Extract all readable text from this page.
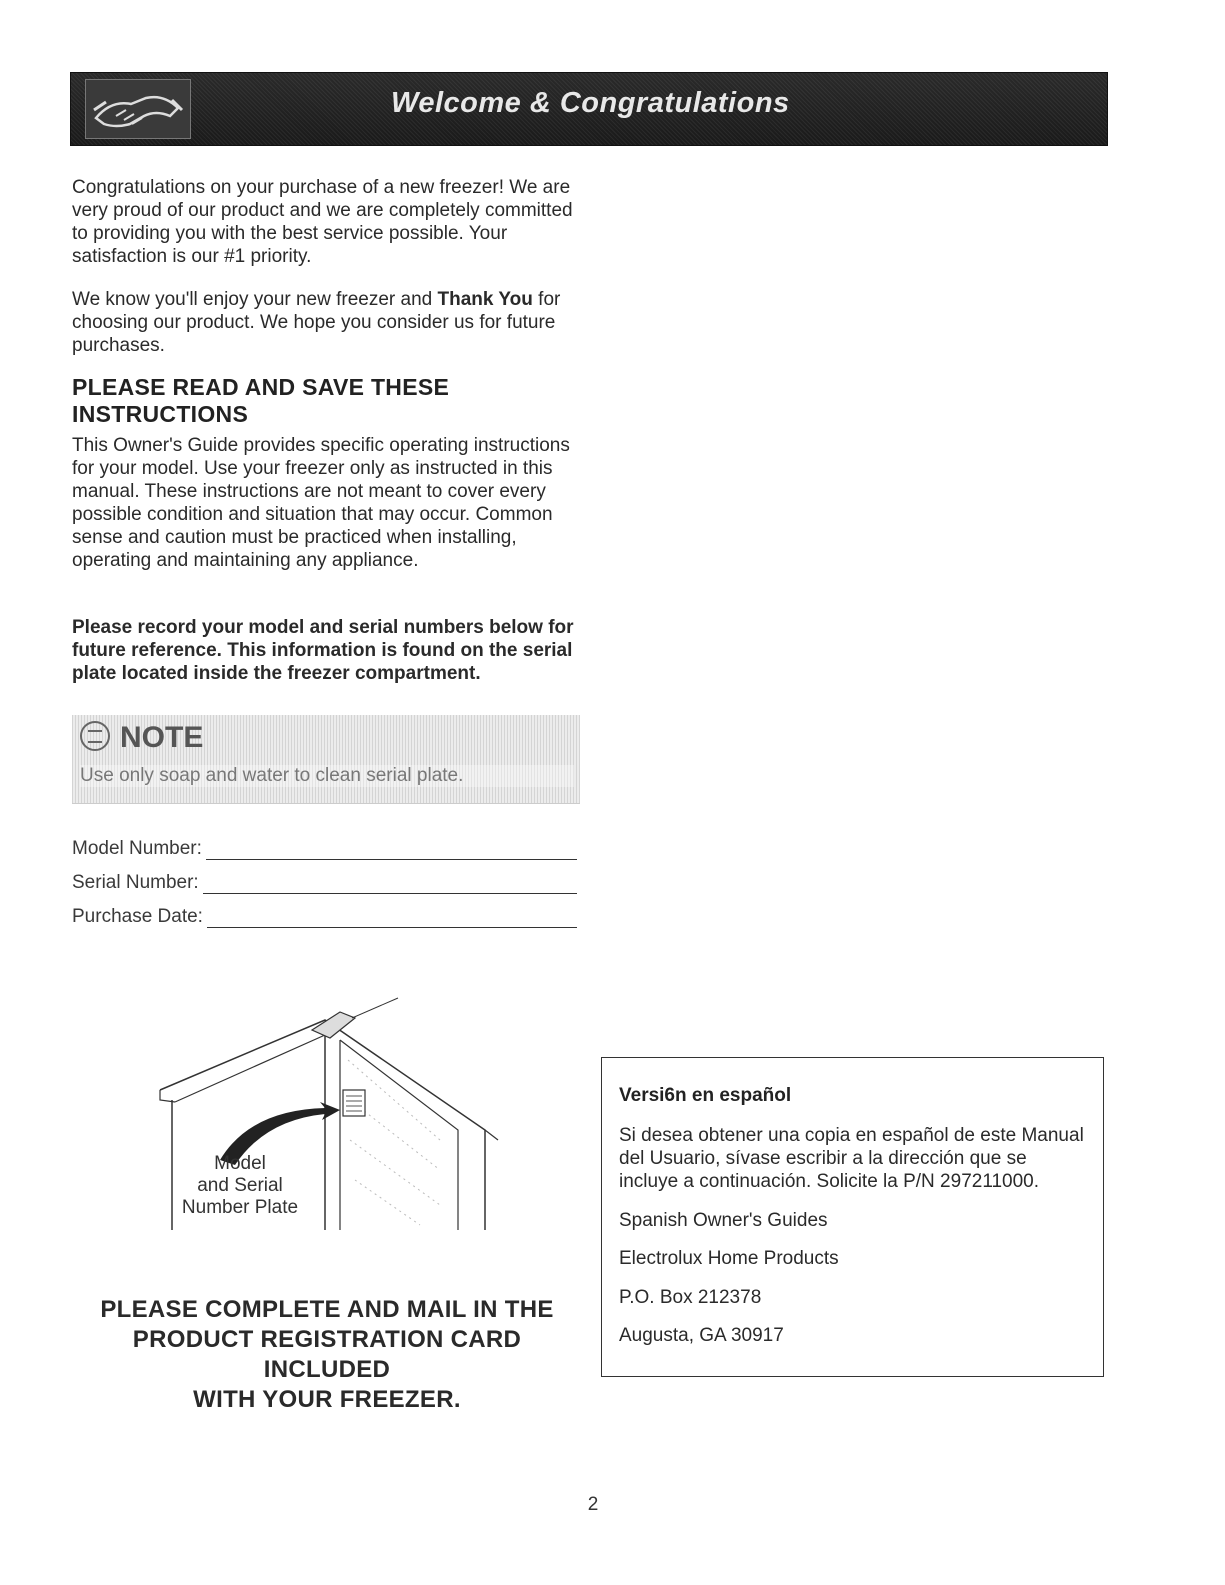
Welcome & Congratulations

Congratulations on your purchase of a new freezer! We are very proud of our product and we are completely committed to providing you with the best service possible. Your satisfaction is our #1 priority.

We know you'll enjoy your new freezer and Thank You for choosing our product. We hope you consider us for future purchases.

PLEASE READ AND SAVE THESE INSTRUCTIONS

This Owner's Guide provides specific operating instructions for your model. Use your freezer only as instructed in this manual. These instructions are not meant to cover every possible condition and situation that may occur. Common sense and caution must be practiced when installing, operating and maintaining any appliance.

Please record your model and serial numbers below for future reference. This information is found on the serial plate located inside the freezer compartment.

NOTE
Use only soap and water to clean serial plate.
Model Number:
Serial Number:
Purchase Date:
Model
and Serial
Number Plate
PLEASE COMPLETE AND MAIL IN THE
PRODUCT REGISTRATION CARD INCLUDED
WITH YOUR FREEZER.
Versi6n en español
Si desea obtener una copia en español de este Manual del Usuario, sívase escribir a la dirección que se incluye a continuación. Solicite la P/N 297211000.
Spanish Owner's Guides
Electrolux Home Products
P.O. Box 212378
Augusta, GA 30917
2
